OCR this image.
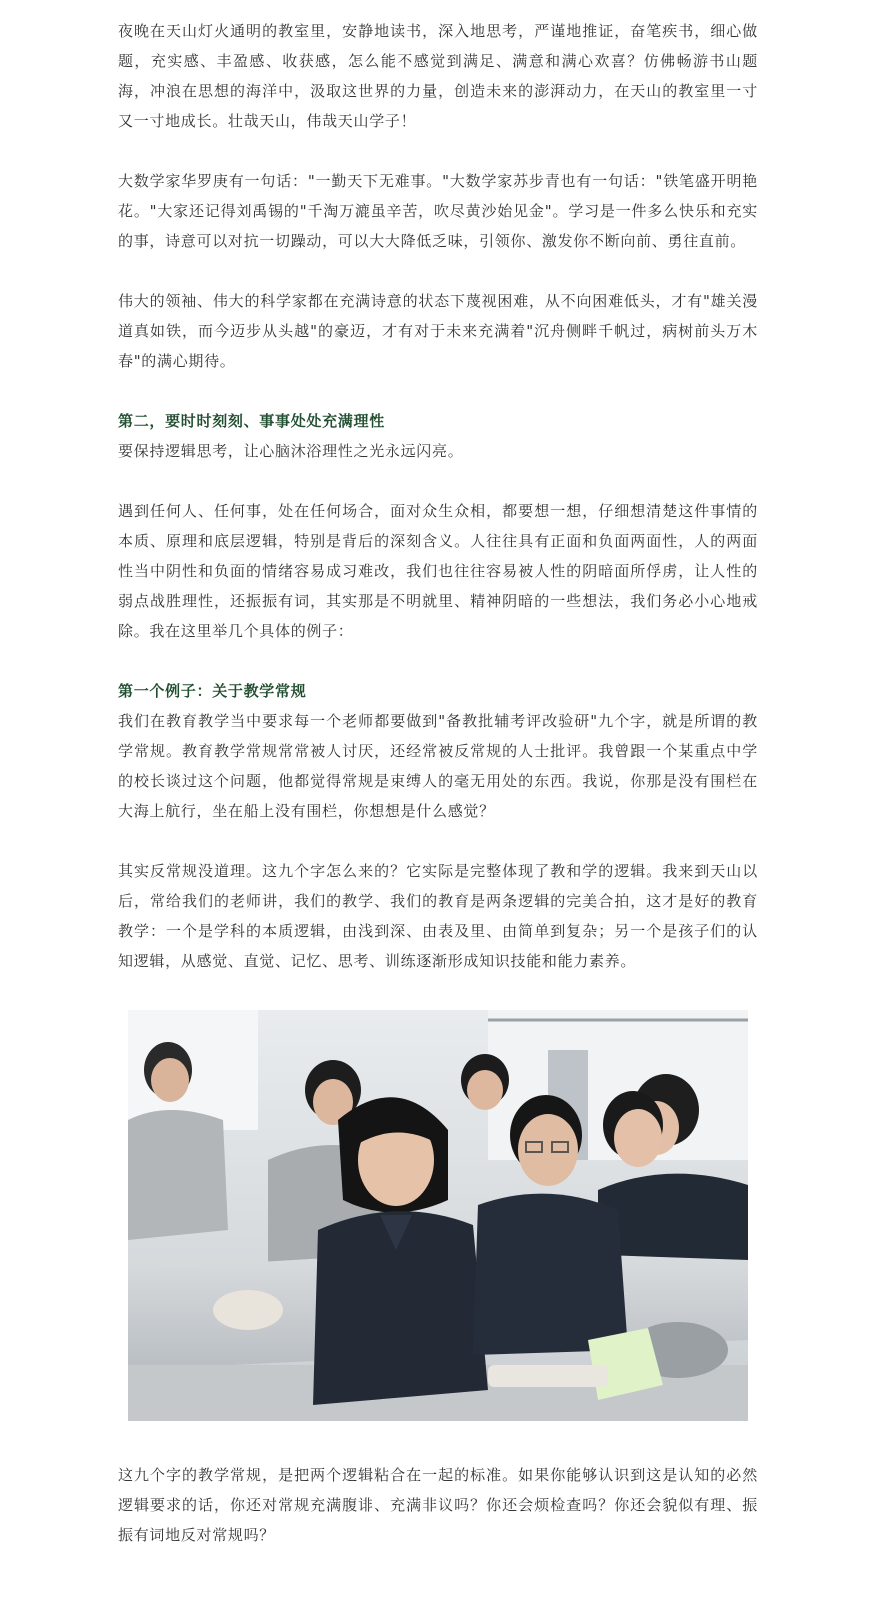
夜晚在天山灯火通明的教室里，安静地读书，深入地思考，严谨地推证，奋笔疾书，细心做题，充实感、丰盈感、收获感，怎么能不感觉到满足、满意和满心欢喜？仿佛畅游书山题海，冲浪在思想的海洋中，汲取这世界的力量，创造未来的澎湃动力，在天山的教室里一寸又一寸地成长。壮哉天山，伟哉天山学子！

大数学家华罗庚有一句话："一勤天下无难事。"大数学家苏步青也有一句话："铁笔盛开明艳花。"大家还记得刘禹锡的"千淘万漉虽辛苦，吹尽黄沙始见金"。学习是一件多么快乐和充实的事，诗意可以对抗一切躁动，可以大大降低乏味，引领你、激发你不断向前、勇往直前。

伟大的领袖、伟大的科学家都在充满诗意的状态下蔑视困难，从不向困难低头，才有"雄关漫道真如铁，而今迈步从头越"的豪迈，才有对于未来充满着"沉舟侧畔千帆过，病树前头万木春"的满心期待。

第二，要时时刻刻、事事处处充满理性

要保持逻辑思考，让心脑沐浴理性之光永远闪亮。

遇到任何人、任何事，处在任何场合，面对众生众相，都要想一想，仔细想清楚这件事情的本质、原理和底层逻辑，特别是背后的深刻含义。人往往具有正面和负面两面性，人的两面性当中阴性和负面的情绪容易成习难改，我们也往往容易被人性的阴暗面所俘虏，让人性的弱点战胜理性，还振振有词，其实那是不明就里、精神阴暗的一些想法，我们务必小心地戒除。我在这里举几个具体的例子：

第一个例子：关于教学常规

我们在教育教学当中要求每一个老师都要做到"备教批辅考评改验研"九个字，就是所谓的教学常规。教育教学常规常常被人讨厌，还经常被反常规的人士批评。我曾跟一个某重点中学的校长谈过这个问题，他都觉得常规是束缚人的毫无用处的东西。我说，你那是没有围栏在大海上航行，坐在船上没有围栏，你想想是什么感觉？

其实反常规没道理。这九个字怎么来的？它实际是完整体现了教和学的逻辑。我来到天山以后，常给我们的老师讲，我们的教学、我们的教育是两条逻辑的完美合拍，这才是好的教育教学：一个是学科的本质逻辑，由浅到深、由表及里、由简单到复杂；另一个是孩子们的认知逻辑，从感觉、直觉、记忆、思考、训练逐渐形成知识技能和能力素养。

这九个字的教学常规，是把两个逻辑粘合在一起的标准。如果你能够认识到这是认知的必然逻辑要求的话，你还对常规充满腹诽、充满非议吗？你还会烦检查吗？你还会貌似有理、振振有词地反对常规吗？
